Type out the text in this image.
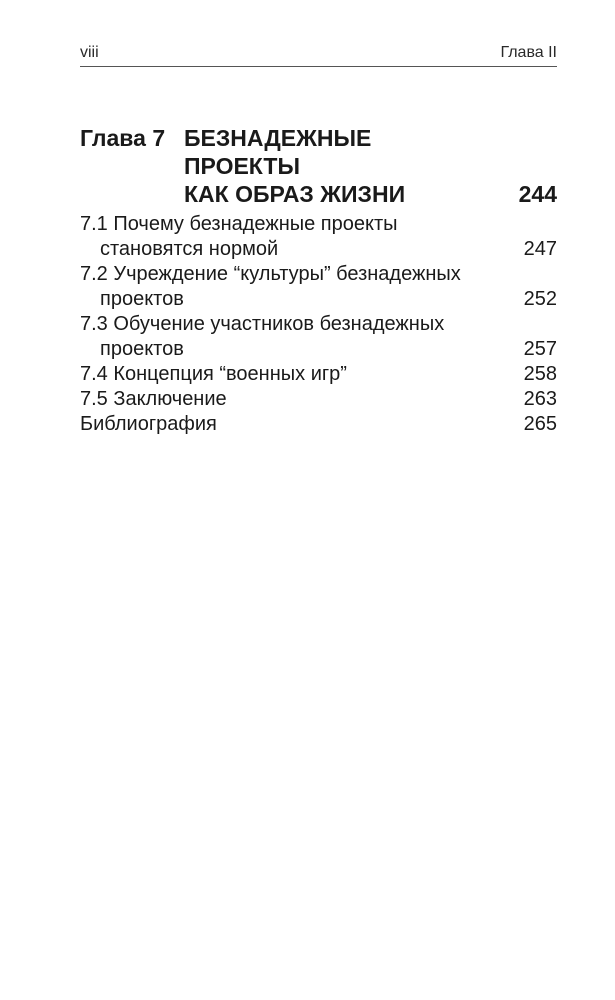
viii	Глава II
Глава 7 БЕЗНАДЕЖНЫЕ
ПРОЕКТЫ
КАК ОБРАЗ ЖИЗНИ	244
7.1 Почему безнадежные проекты
становятся нормой	247
7.2 Учреждение “культуры” безнадежных
проектов	252
7.3 Обучение участников безнадежных
проектов	257
7.4 Концепция “военных игр”	258
7.5 Заключение	263
Библиография	265
